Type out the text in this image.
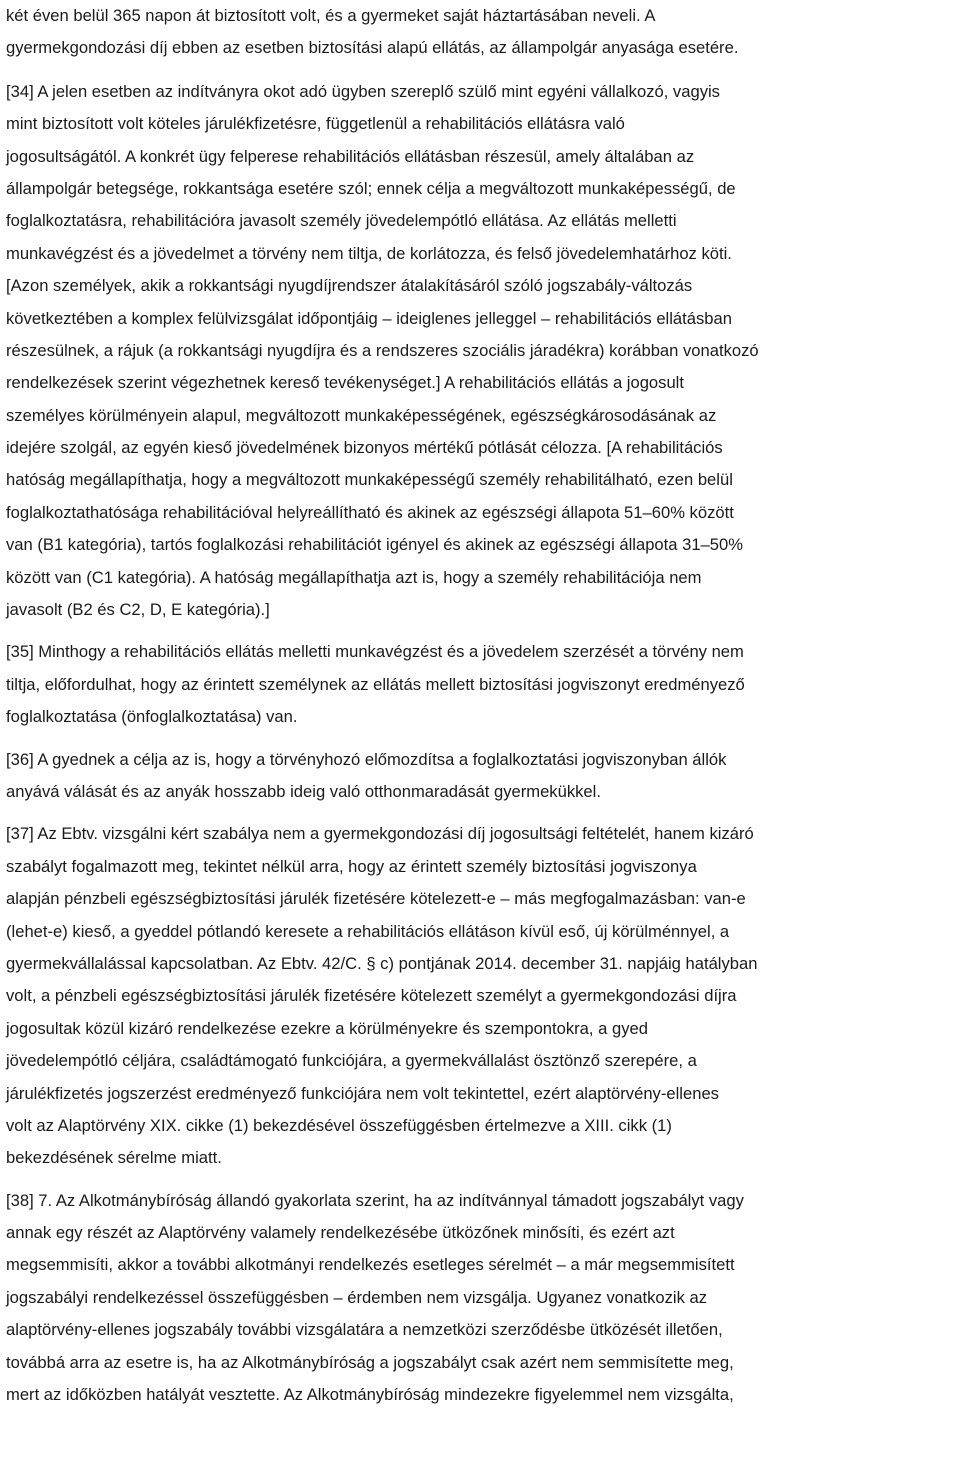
két éven belül 365 napon át biztosított volt, és a gyermeket saját háztartásában neveli. A
gyermekgondozási díj ebben az esetben biztosítási alapú ellátás, az állampolgár anyasága esetére.
[34] A jelen esetben az indítványra okot adó ügyben szereplő szülő mint egyéni vállalkozó, vagyis
mint biztosított volt köteles járulékfizetésre, függetlenül a rehabilitációs ellátásra való
jogosultságától. A konkrét ügy felperese rehabilitációs ellátásban részesül, amely általában az
állampolgár betegsége, rokkantsága esetére szól; ennek célja a megváltozott munkaképességű, de
foglalkoztatásra, rehabilitációra javasolt személy jövedelempótló ellátása. Az ellátás melletti
munkavégzést és a jövedelmet a törvény nem tiltja, de korlátozza, és felső jövedelemhatárhoz köti.
[Azon személyek, akik a rokkantsági nyugdíjrendszer átalakításáról szóló jogszabály-változás
következtében a komplex felülvizsgálat időpontjáig – ideiglenes jelleggel – rehabilitációs ellátásban
részesülnek, a rájuk (a rokkantsági nyugdíjra és a rendszeres szociális járadékra) korábban vonatkozó
rendelkezések szerint végezhetnek kereső tevékenységet.] A rehabilitációs ellátás a jogosult
személyes körülményein alapul, megváltozott munkaképességének, egészségkárosodásának az
idejére szolgál, az egyén kieső jövedelmének bizonyos mértékű pótlását célozza. [A rehabilitációs
hatóság megállapíthatja, hogy a megváltozott munkaképességű személy rehabilitálható, ezen belül
foglalkoztathatósága rehabilitációval helyreállítható és akinek az egészségi állapota 51–60% között
van (B1 kategória), tartós foglalkozási rehabilitációt igényel és akinek az egészségi állapota 31–50%
között van (C1 kategória). A hatóság megállapíthatja azt is, hogy a személy rehabilitációja nem
javasolt (B2 és C2, D, E kategória).]
[35] Minthogy a rehabilitációs ellátás melletti munkavégzést és a jövedelem szerzését a törvény nem
tiltja, előfordulhat, hogy az érintett személynek az ellátás mellett biztosítási jogviszonyt eredményező
foglalkoztatása (önfoglalkoztatása) van.
[36] A gyednek a célja az is, hogy a törvényhozó előmozdítsa a foglalkoztatási jogviszonyban állók
anyává válását és az anyák hosszabb ideig való otthonmaradását gyermekükkel.
[37] Az Ebtv. vizsgálni kért szabálya nem a gyermekgondozási díj jogosultsági feltételét, hanem kizáró
szabályt fogalmazott meg, tekintet nélkül arra, hogy az érintett személy biztosítási jogviszonya
alapján pénzbeli egészségbiztosítási járulék fizetésére kötelezett-e – más megfogalmazásban: van-e
(lehet-e) kieső, a gyeddel pótlandó keresete a rehabilitációs ellátáson kívül eső, új körülménnyel, a
gyermekvállalással kapcsolatban. Az Ebtv. 42/C. § c) pontjának 2014. december 31. napjáig hatályban
volt, a pénzbeli egészségbiztosítási járulék fizetésére kötelezett személyt a gyermekgondozási díjra
jogosultak közül kizáró rendelkezése ezekre a körülményekre és szempontokra, a gyed
jövedelempótló céljára, családtámogató funkciójára, a gyermekvállalást ösztönző szerepére, a
járulékfizetés jogszerzést eredményező funkciójára nem volt tekintettel, ezért alaptörvény-ellenes
volt az Alaptörvény XIX. cikke (1) bekezdésével összefüggésben értelmezve a XIII. cikk (1)
bekezdésének sérelme miatt.
[38] 7. Az Alkotmánybíróság állandó gyakorlata szerint, ha az indítvánnyal támadott jogszabályt vagy
annak egy részét az Alaptörvény valamely rendelkezésébe ütközőnek minősíti, és ezért azt
megsemmisíti, akkor a további alkotmányi rendelkezés esetleges sérelmét – a már megsemmisített
jogszabályi rendelkezéssel összefüggésben – érdemben nem vizsgálja. Ugyanez vonatkozik az
alaptörvény-ellenes jogszabály további vizsgálatára a nemzetközi szerződésbe ütközését illetően,
továbbá arra az esetre is, ha az Alkotmánybíróság a jogszabályt csak azért nem semmisítette meg,
mert az időközben hatályát vesztette. Az Alkotmánybíróság mindezekre figyelemmel nem vizsgálta,
